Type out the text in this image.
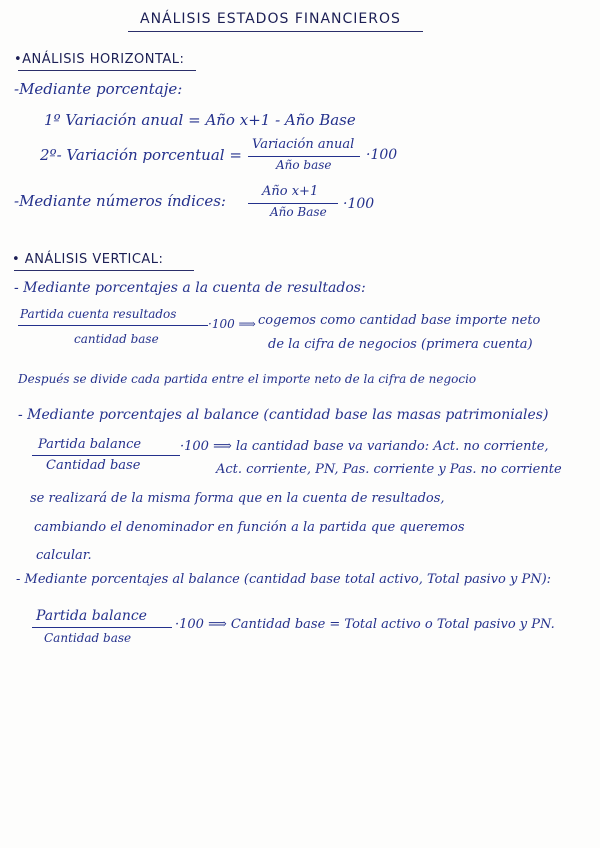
ANÁLISIS ESTADOS FINANCIEROS
•ANÁLISIS HORIZONTAL:
-Mediante porcentaje:
1º Variación anual = Año x+1 - Año Base
2º- Variación porcentual =
Variación anual
Año base
·100
-Mediante números índices:
Año x+1
Año Base ·100
• ANÁLISIS VERTICAL:
- Mediante porcentajes a la cuenta de resultados:
Partida cuenta resultados
cantidad base
·100 ⟹ cogemos como cantidad base importe neto
de la cifra de negocios (primera cuenta)
Después se divide cada partida entre el importe neto de la cifra de negocio
- Mediante porcentajes al balance (cantidad base las masas patrimoniales)
Partida balance
Cantidad base
·100 ⟹ la cantidad base va variando: Act. no corriente,
Act. corriente, PN, Pas. corriente y Pas. no corriente
se realizará de la misma forma que en la cuenta de resultados,
cambiando el denominador en función a la partida que queremos
calcular.
- Mediante porcentajes al balance (cantidad base total activo, Total pasivo y PN):
Partida balance
Cantidad base
·100 ⟹ Cantidad base = Total activo o Total pasivo y PN.
